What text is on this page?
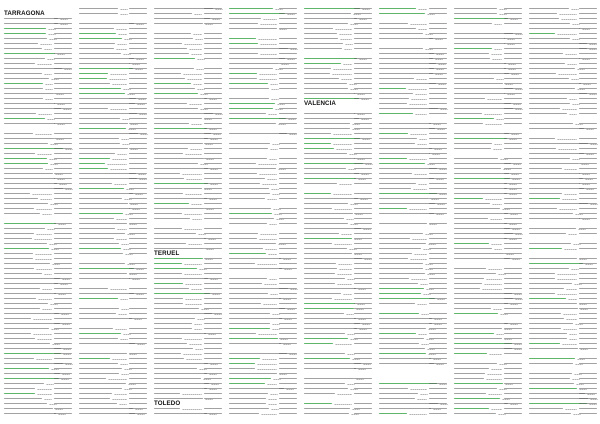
TARRAGONA
TERUEL
TOLEDO
VALENCIA
